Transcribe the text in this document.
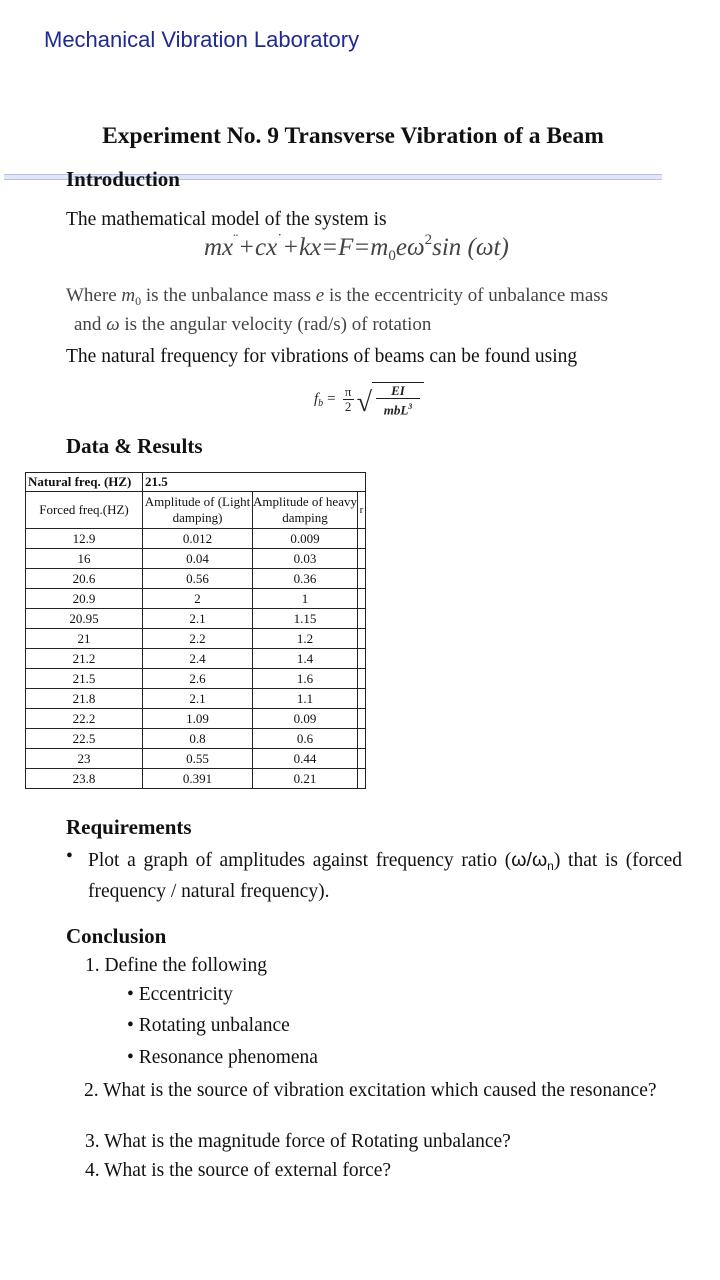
Mechanical Vibration Laboratory
Experiment No. 9 Transverse Vibration of a Beam
Introduction
The mathematical model of the system is
$mx^¨+cx^˙+kx=F=m_0e\omega^2\sin$ (ωt)
Where $m_0$ is the unbalance mass e is the eccentricity of unbalance mass
and ω is the angular velocity (rad/s) of rotation
The natural frequency for vibrations of beams can be found using
f $b = \frac{\pi}{2}$ √ EI
mbL$^3$
Data & Results
Natural freq. (HZ)	21.5		
Forced freq.(HZ)	Amplitude of (Light damping)	Amplitude of heavy damping	r
12.9	0.012	0.009	
16	0.04	0.03	
20.6	0.56	0.36	
20.9	2	1	
20.95	2.1	1.15	
21	2.2	1.2	
21.2	2.4	1.4	
21.5	2.6	1.6	
21.8	2.1	1.1	
22.2	1.09	0.09	
22.5	0.8	0.6	
23	0.55	0.44	
23.8	0.391	0.21	
Requirements
• Plot a graph of amplitudes against frequency ratio $(\omega/\omega_n)$ that is (forced frequency / natural frequency).
Conclusion
1. Define the following
• Eccentricity
• Rotating unbalance
• Resonance phenomena
2. What is the source of vibration excitation which caused the resonance?
3. What is the magnitude force of Rotating unbalance?
4. What is the source of external force?
